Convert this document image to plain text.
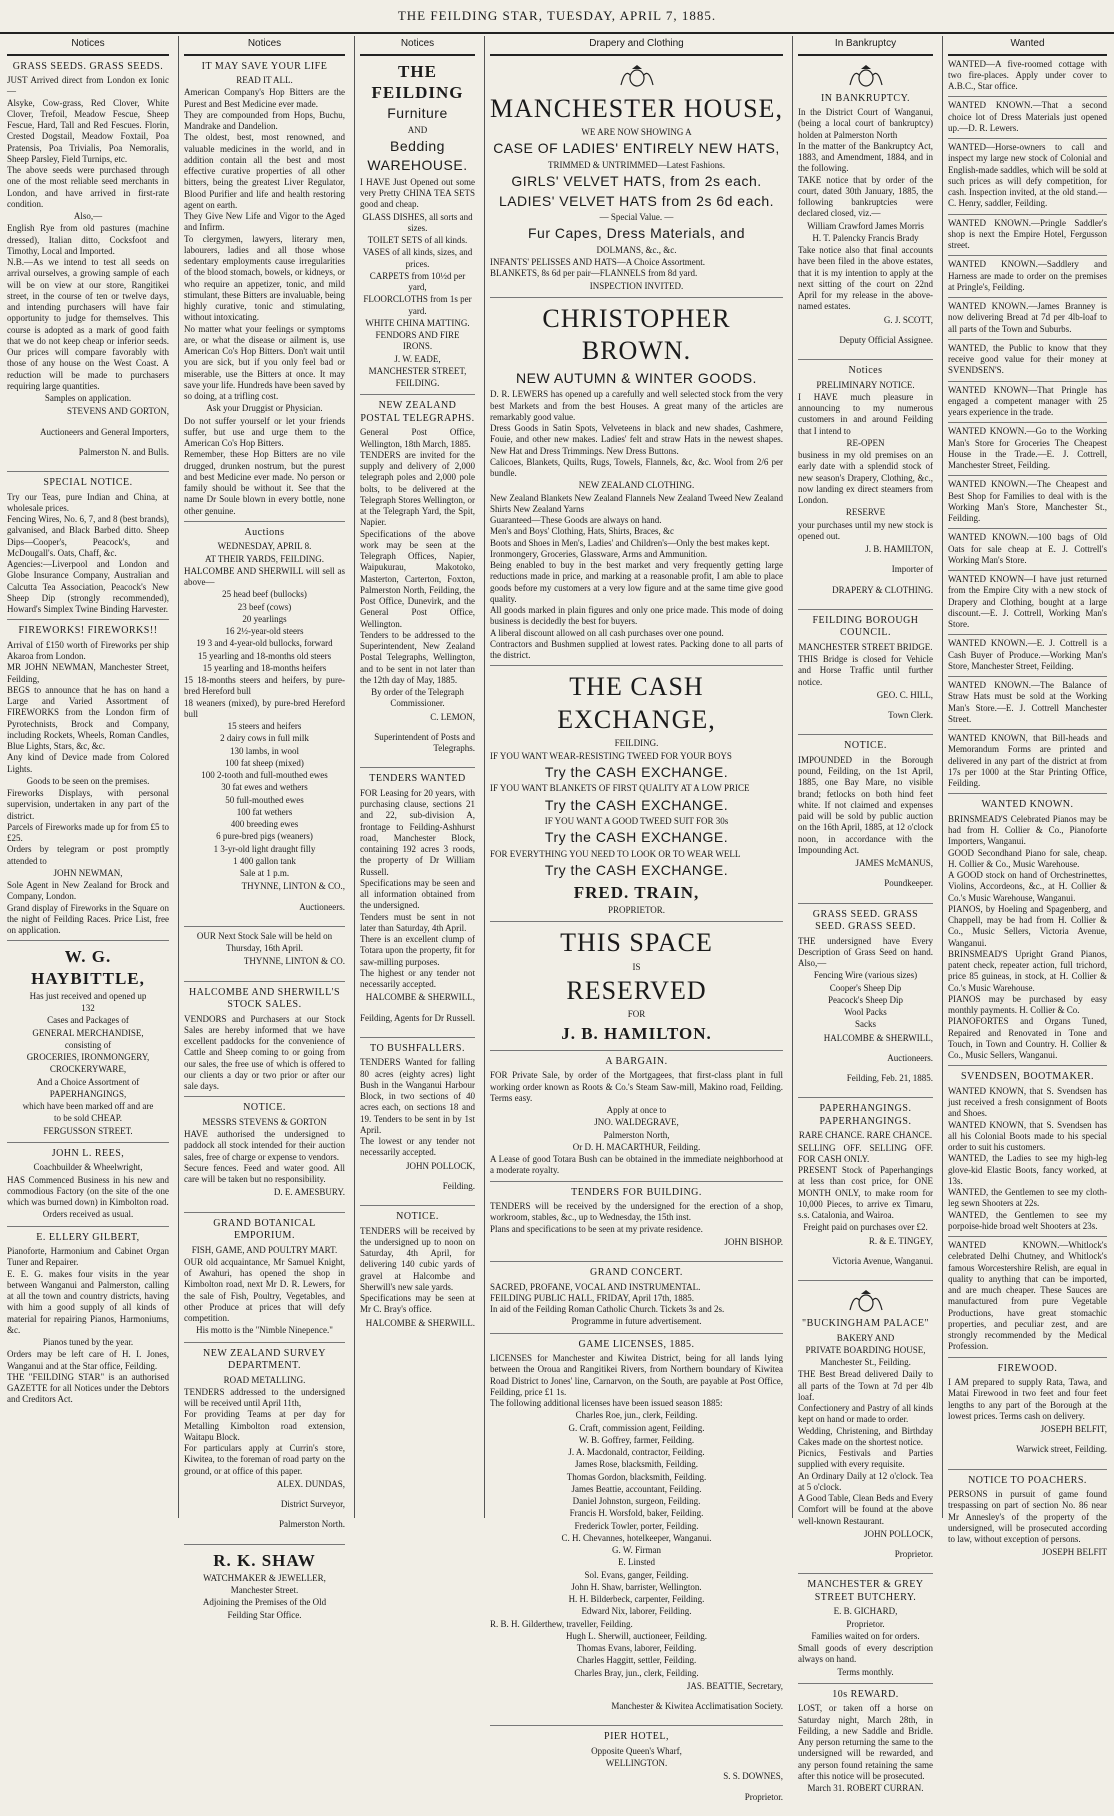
THE FEILDING STAR, TUESDAY, APRIL 7, 1885.
Notices
GRASS SEEDS. GRASS SEEDS.

JUST Arrived direct from London ex Ionic—

Alsyke, Cow-grass, Red Clover, White Clover, Trefoil, Meadow Fescue, Sheep Fescue, Hard, Tall and Red Fescues. Florin, Crested Dogstail, Meadow Foxtail, Poa Pratensis, Poa Trivialis, Poa Nemoralis, Sheep Parsley, Field Turnips, etc.

The above seeds were purchased through one of the most reliable seed merchants in London, and have arrived in first-rate condition.

Also,—

English Rye from old pastures (machine dressed), Italian ditto, Cocksfoot and Timothy, Local and Imported.

N.B.—As we intend to test all seeds on arrival ourselves, a growing sample of each will be on view at our store, Rangitikei street, in the course of ten or twelve days, and intending purchasers will have fair opportunity to judge for themselves. This course is adopted as a mark of good faith that we do not keep cheap or inferior seeds. Our prices will compare favorably with those of any house on the West Coast. A reduction will be made to purchasers requiring large quantities.

Samples on application.

STEVENS AND GORTON,

Auctioneers and General Importers,

Palmerston N. and Bulls.

SPECIAL NOTICE.

Try our Teas, pure Indian and China, at wholesale prices.

Fencing Wires, No. 6, 7, and 8 (best brands), galvanised, and Black Barbed ditto. Sheep Dips—Cooper's, Peacock's, and McDougall's. Oats, Chaff, &c.

Agencies:—Liverpool and London and Globe Insurance Company, Australian and Calcutta Tea Association, Peacock's New Sheep Dip (strongly recommended), Howard's Simplex Twine Binding Harvester.

FIREWORKS! FIREWORKS!!

Arrival of £150 worth of Fireworks per ship Akaroa from London.

MR JOHN NEWMAN, Manchester Street, Feilding,

BEGS to announce that he has on hand a Large and Varied Assortment of FIREWORKS from the London firm of Pyrotechnists, Brock and Company, including Rockets, Wheels, Roman Candles, Blue Lights, Stars, &c, &c.

Any kind of Device made from Colored Lights.

Goods to be seen on the premises.

Fireworks Displays, with personal supervision, undertaken in any part of the district.

Parcels of Fireworks made up for from £5 to £25.

Orders by telegram or post promptly attended to

JOHN NEWMAN,

Sole Agent in New Zealand for Brock and Company, London.

Grand display of Fireworks in the Square on the night of Feilding Races. Price List, free on application.

W. G. HAYBITTLE,

Has just received and opened up

132

Cases and Packages of

GENERAL MERCHANDISE,

consisting of

GROCERIES, IRONMONGERY,

CROCKERYWARE,

And a Choice Assortment of

PAPERHANGINGS,

which have been marked off and are

to be sold CHEAP.

FERGUSSON STREET.

JOHN L. REES,

Coachbuilder & Wheelwright,

HAS Commenced Business in his new and commodious Factory (on the site of the one which was burned down) in Kimbolton road.

Orders received as usual.

E. ELLERY GILBERT,

Pianoforte, Harmonium and Cabinet Organ Tuner and Repairer.

E. E. G. makes four visits in the year between Wanganui and Palmerston, calling at all the town and country districts, having with him a good supply of all kinds of material for repairing Pianos, Harmoniums, &c.

Pianos tuned by the year.

Orders may be left care of H. I. Jones, Wanganui and at the Star office, Feilding.

THE "FEILDING STAR" is an authorised GAZETTE for all Notices under the Debtors and Creditors Act.

Notices
IT MAY SAVE YOUR LIFE

READ IT ALL.

American Company's Hop Bitters are the Purest and Best Medicine ever made.

They are compounded from Hops, Buchu, Mandrake and Dandelion.

The oldest, best, most renowned, and valuable medicines in the world, and in addition contain all the best and most effective curative properties of all other bitters, being the greatest Liver Regulator, Blood Purifier and life and health restoring agent on earth.

They Give New Life and Vigor to the Aged and Infirm.

To clergymen, lawyers, literary men, labourers, ladies and all those whose sedentary employments cause irregularities of the blood stomach, bowels, or kidneys, or who require an appetizer, tonic, and mild stimulant, these Bitters are invaluable, being highly curative, tonic and stimulating, without intoxicating.

No matter what your feelings or symptoms are, or what the disease or ailment is, use American Co's Hop Bitters. Don't wait until you are sick, but if you only feel bad or miserable, use the Bitters at once. It may save your life. Hundreds have been saved by so doing, at a trifling cost.

Ask your Druggist or Physician.

Do not suffer yourself or let your friends suffer, but use and urge them to the American Co's Hop Bitters.

Remember, these Hop Bitters are no vile drugged, drunken nostrum, but the purest and best Medicine ever made. No person or family should be without it. See that the name Dr Soule blown in every bottle, none other genuine.

Auctions

WEDNESDAY, APRIL 8.

AT THEIR YARDS, FEILDING.

HALCOMBE AND SHERWILL will sell as above—

25 head beef (bullocks)

23 beef (cows)

20 yearlings

16 2½-year-old steers

19 3 and 4-year-old bullocks, forward

15 yearling and 18-months old steers

15 yearling and 18-months heifers

15 18-months steers and heifers, by pure-bred Hereford bull

18 weaners (mixed), by pure-bred Hereford bull

15 steers and heifers

2 dairy cows in full milk

130 lambs, in wool

100 fat sheep (mixed)

100 2-tooth and full-mouthed ewes

30 fat ewes and wethers

50 full-mouthed ewes

100 fat wethers

400 breeding ewes

6 pure-bred pigs (weaners)

1 3-yr-old light draught filly

1 400 gallon tank

Sale at 1 p.m.

THYNNE, LINTON & CO.,

Auctioneers.

OUR Next Stock Sale will be held on

Thursday, 16th April.

THYNNE, LINTON & CO.

HALCOMBE AND SHERWILL'S STOCK SALES.

VENDORS and Purchasers at our Stock Sales are hereby informed that we have excellent paddocks for the convenience of Cattle and Sheep coming to or going from our sales, the free use of which is offered to our clients a day or two prior or after our sale days.

NOTICE.

MESSRS STEVENS & GORTON

HAVE authorised the undersigned to paddock all stock intended for their auction sales, free of charge or expense to vendors.

Secure fences. Feed and water good. All care will be taken but no responsibility.

D. E. AMESBURY.

GRAND BOTANICAL EMPORIUM.

FISH, GAME, AND POULTRY MART.

OUR old acquaintance, Mr Samuel Knight, of Awahuri, has opened the shop in Kimbolton road, next Mr D. R. Lewers, for the sale of Fish, Poultry, Vegetables, and other Produce at prices that will defy competition.

His motto is the "Nimble Ninepence."

NEW ZEALAND SURVEY DEPARTMENT.

ROAD METALLING.

TENDERS addressed to the undersigned will be received until April 11th,

For providing Teams at per day for Metalling Kimbolton road extension, Waitapu Block.

For particulars apply at Currin's store, Kiwitea, to the foreman of road party on the ground, or at office of this paper.

ALEX. DUNDAS,

District Surveyor,

Palmerston North.

R. K. SHAW

WATCHMAKER & JEWELLER,

Manchester Street.

Adjoining the Premises of the Old

Feilding Star Office.

Notices
THE FEILDING

Furniture

AND

Bedding

WAREHOUSE.

I HAVE Just Opened out some very Pretty CHINA TEA SETS good and cheap.

GLASS DISHES, all sorts and sizes.

TOILET SETS of all kinds.

VASES of all kinds, sizes, and prices.

CARPETS from 10½d per yard,

FLOORCLOTHS from 1s per yard.

WHITE CHINA MATTING.

FENDORS AND FIRE IRONS.

J. W. EADE,

MANCHESTER STREET,

FEILDING.

NEW ZEALAND POSTAL TELEGRAPHS.

General Post Office, Wellington, 18th March, 1885.

TENDERS are invited for the supply and delivery of 2,000 telegraph poles and 2,000 pole bolts, to be delivered at the Telegraph Stores Wellington, or at the Telegraph Yard, the Spit, Napier.

Specifications of the above work may be seen at the Telegraph Offices, Napier, Waipukurau, Makotoko, Masterton, Carterton, Foxton, Palmerston North, Feilding, the Post Office, Dunevirk, and the General Post Office, Wellington.

Tenders to be addressed to the Superintendent, New Zealand Postal Telegraphs, Wellington, and to be sent in not later than the 12th day of May, 1885.

By order of the Telegraph Commissioner.

C. LEMON,

Superintendent of Posts and Telegraphs.

TENDERS WANTED

FOR Leasing for 20 years, with purchasing clause, sections 21 and 22, sub-division A, frontage to Feilding-Ashhurst road, Manchester Block, containing 192 acres 3 roods, the property of Dr William Russell.

Specifications may be seen and all information obtained from the undersigned.

Tenders must be sent in not later than Saturday, 4th April.

There is an excellent clump of Totara upon the property, fit for saw-milling purposes.

The highest or any tender not necessarily accepted.

HALCOMBE & SHERWILL,

Feilding, Agents for Dr Russell.

TO BUSHFALLERS.

TENDERS Wanted for falling 80 acres (eighty acres) light Bush in the Wanganui Harbour Block, in two sections of 40 acres each, on sections 18 and 19. Tenders to be sent in by 1st April.

The lowest or any tender not necessarily accepted.

JOHN POLLOCK,

Feilding.

NOTICE.

TENDERS will be received by the undersigned up to noon on Saturday, 4th April, for delivering 140 cubic yards of gravel at Halcombe and Sherwill's new sale yards.

Specifications may be seen at Mr C. Bray's office.

HALCOMBE & SHERWILL.

Drapery and Clothing
MANCHESTER HOUSE,

WE ARE NOW SHOWING A

CASE OF LADIES' ENTIRELY NEW HATS,

TRIMMED & UNTRIMMED—Latest Fashions.

GIRLS' VELVET HATS, from 2s each.

LADIES' VELVET HATS from 2s 6d each.

— Special Value. —

Fur Capes, Dress Materials, and

DOLMANS, &c., &c.

INFANTS' PELISSES AND HATS—A Choice Assortment.

BLANKETS, 8s 6d per pair—FLANNELS from 8d yard.

INSPECTION INVITED.

CHRISTOPHER BROWN.

NEW AUTUMN & WINTER GOODS.

D. R. LEWERS has opened up a carefully and well selected stock from the very best Markets and from the best Houses. A great many of the articles are remarkably good value.

Dress Goods in Satin Spots, Velveteens in black and new shades, Cashmere, Fouie, and other new makes. Ladies' felt and straw Hats in the newest shapes. New Hat and Dress Trimmings. New Dress Buttons.

Calicoes, Blankets, Quilts, Rugs, Towels, Flannels, &c, &c. Wool from 2/6 per bundle.

NEW ZEALAND CLOTHING.

New Zealand Blankets New Zealand Flannels New Zealand Tweed New Zealand Shirts New Zealand Yarns

Guaranteed—These Goods are always on hand.

Men's and Boys' Clothing, Hats, Shirts, Braces, &c

Boots and Shoes in Men's, Ladies' and Children's—Only the best makes kept.

Ironmongery, Groceries, Glassware, Arms and Ammunition.

Being enabled to buy in the best market and very frequently getting large reductions made in price, and marking at a reasonable profit, I am able to place goods before my customers at a very low figure and at the same time give good quality.

All goods marked in plain figures and only one price made. This mode of doing business is decidedly the best for buyers.

A liberal discount allowed on all cash purchases over one pound.

Contractors and Bushmen supplied at lowest rates. Packing done to all parts of the district.

THE CASH EXCHANGE,

FEILDING.

IF YOU WANT WEAR-RESISTING TWEED FOR YOUR BOYS

Try the CASH EXCHANGE.

IF YOU WANT BLANKETS OF FIRST QUALITY AT A LOW PRICE

Try the CASH EXCHANGE.

IF YOU WANT A GOOD TWEED SUIT FOR 30s

Try the CASH EXCHANGE.

FOR EVERYTHING YOU NEED TO LOOK OR TO WEAR WELL

Try the CASH EXCHANGE.

FRED. TRAIN,

PROPRIETOR.

THIS SPACE

IS

RESERVED

FOR

J. B. HAMILTON.

A BARGAIN.

FOR Private Sale, by order of the Mortgagees, that first-class plant in full working order known as Roots & Co.'s Steam Saw-mill, Makino road, Feilding. Terms easy.

Apply at once to

JNO. WALDEGRAVE,

Palmerston North,

Or D. H. MACARTHUR, Feilding.

A Lease of good Totara Bush can be obtained in the immediate neighborhood at a moderate royalty.

TENDERS FOR BUILDING.

TENDERS will be received by the undersigned for the erection of a shop, workroom, stables, &c., up to Wednesday, the 15th inst.

Plans and specifications to be seen at my private residence.

JOHN BISHOP.

GRAND CONCERT.

SACRED, PROFANE, VOCAL AND INSTRUMENTAL.

FEILDING PUBLIC HALL, FRIDAY, April 17th, 1885.

In aid of the Feilding Roman Catholic Church. Tickets 3s and 2s.

Programme in future advertisement.

GAME LICENSES, 1885.

LICENSES for Manchester and Kiwitea District, being for all lands lying between the Oroua and Rangitikei Rivers, from Northern boundary of Kiwitea Road District to Jones' line, Carnarvon, on the South, are payable at Post Office, Feilding, price £1 1s.

The following additional licenses have been issued season 1885:

Charles Roe, jun., clerk, Feilding.

G. Craft, commission agent, Feilding.

W. B. Goffrey, farmer, Feilding.

J. A. Macdonald, contractor, Feilding.

James Rose, blacksmith, Feilding.

Thomas Gordon, blacksmith, Feilding.

James Beattie, accountant, Feilding.

Daniel Johnston, surgeon, Feilding.

Francis H. Worsfold, baker, Feilding.

Frederick Towler, porter, Feilding.

C. H. Chevannes, hotelkeeper, Wanganui.

G. W. Firman

E. Linsted

Sol. Evans, ganger, Feilding.

John H. Shaw, barrister, Wellington.

H. H. Bilderbeck, carpenter, Feilding.

Edward Nix, laborer, Feilding.

R. B. H. Gilderthew, traveller, Feilding.

Hugh L. Sherwill, auctioneer, Feilding.

Thomas Evans, laborer, Feilding.

Charles Haggitt, settler, Feilding.

Charles Bray, jun., clerk, Feilding.

JAS. BEATTIE, Secretary,

Manchester & Kiwitea Acclimatisation Society.

PIER HOTEL,

Opposite Queen's Wharf,

WELLINGTON.

S. S. DOWNES,

Proprietor.

In Bankruptcy
IN BANKRUPTCY.

In the District Court of Wanganui, (being a local court of bankruptcy) holden at Palmerston North

In the matter of the Bankruptcy Act, 1883, and Amendment, 1884, and in the following.

TAKE notice that by order of the court, dated 30th January, 1885, the following bankruptcies were declared closed, viz.—

William Crawford James Morris

H. T. Palencky Francis Brady

Take notice also that final accounts have been filed in the above estates, that it is my intention to apply at the next sitting of the court on 22nd April for my release in the above-named estates.

G. J. SCOTT,

Deputy Official Assignee.

Notices

PRELIMINARY NOTICE.

I HAVE much pleasure in announcing to my numerous customers in and around Feilding that I intend to

RE-OPEN

business in my old premises on an early date with a splendid stock of new season's Drapery, Clothing, &c., now landing ex direct steamers from London.

RESERVE

your purchases until my new stock is opened out.

J. B. HAMILTON,

Importer of

DRAPERY & CLOTHING.

FEILDING BOROUGH COUNCIL.

MANCHESTER STREET BRIDGE.

THIS Bridge is closed for Vehicle and Horse Traffic until further notice.

GEO. C. HILL,

Town Clerk.

NOTICE.

IMPOUNDED in the Borough pound, Feilding, on the 1st April, 1885, one Bay Mare, no visible brand; fetlocks on both hind feet white. If not claimed and expenses paid will be sold by public auction on the 16th April, 1885, at 12 o'clock noon, in accordance with the Impounding Act.

JAMES McMANUS,

Poundkeeper.

GRASS SEED. GRASS SEED. GRASS SEED.

THE undersigned have Every Description of Grass Seed on hand. Also,—

Fencing Wire (various sizes)

Cooper's Sheep Dip

Peacock's Sheep Dip

Wool Packs

Sacks

HALCOMBE & SHERWILL,

Auctioneers.

Feilding, Feb. 21, 1885.

PAPERHANGINGS. PAPERHANGINGS.

RARE CHANCE. RARE CHANCE.

SELLING OFF. SELLING OFF. FOR CASH ONLY.

PRESENT Stock of Paperhangings at less than cost price, for ONE MONTH ONLY, to make room for 10,000 Pieces, to arrive ex Timaru, s.s. Catalonia, and Wairoa.

Freight paid on purchases over £2.

R. & E. TINGEY,

Victoria Avenue, Wanganui.

"BUCKINGHAM PALACE"

BAKERY AND

PRIVATE BOARDING HOUSE,

Manchester St., Feilding.

THE Best Bread delivered Daily to all parts of the Town at 7d per 4lb loaf.

Confectionery and Pastry of all kinds kept on hand or made to order.

Wedding, Christening, and Birthday Cakes made on the shortest notice.

Picnics, Festivals and Parties supplied with every requisite.

An Ordinary Daily at 12 o'clock. Tea at 5 o'clock.

A Good Table, Clean Beds and Every Comfort will be found at the above well-known Restaurant.

JOHN POLLOCK,

Proprietor.

MANCHESTER & GREY STREET BUTCHERY.

E. B. GICHARD,

Proprietor.

Families waited on for orders.

Small goods of every description always on hand.

Terms monthly.

10s REWARD.

LOST, or taken off a horse on Saturday night, March 28th, in Feilding, a new Saddle and Bridle. Any person returning the same to the undersigned will be rewarded, and any person found retaining the same after this notice will be prosecuted.

March 31. ROBERT CURRAN.

Wanted

WANTED—A five-roomed cottage with two fire-places. Apply under cover to A.B.C., Star office.

WANTED KNOWN.—That a second choice lot of Dress Materials just opened up.—D. R. Lewers.

WANTED—Horse-owners to call and inspect my large new stock of Colonial and English-made saddles, which will be sold at such prices as will defy competition, for cash. Inspection invited, at the old stand.—C. Henry, saddler, Feilding.

WANTED KNOWN.—Pringle Saddler's shop is next the Empire Hotel, Fergusson street.

WANTED KNOWN.—Saddlery and Harness are made to order on the premises at Pringle's, Feilding.

WANTED KNOWN.—James Branney is now delivering Bread at 7d per 4lb-loaf to all parts of the Town and Suburbs.

WANTED, the Public to know that they receive good value for their money at SVENDSEN'S.

WANTED KNOWN—That Pringle has engaged a competent manager with 25 years experience in the trade.

WANTED KNOWN.—Go to the Working Man's Store for Groceries The Cheapest House in the Trade.—E. J. Cottrell, Manchester Street, Feilding.

WANTED KNOWN.—The Cheapest and Best Shop for Families to deal with is the Working Man's Store, Manchester St., Feilding.

WANTED KNOWN.—100 bags of Old Oats for sale cheap at E. J. Cottrell's Working Man's Store.

WANTED KNOWN—I have just returned from the Empire City with a new stock of Drapery and Clothing, bought at a large discount.—E. J. Cottrell, Working Man's Store.

WANTED KNOWN.—E. J. Cottrell is a Cash Buyer of Produce.—Working Man's Store, Manchester Street, Feilding.

WANTED KNOWN.—The Balance of Straw Hats must be sold at the Working Man's Store.—E. J. Cottrell Manchester Street.

WANTED KNOWN, that Bill-heads and Memorandum Forms are printed and delivered in any part of the district at from 17s per 1000 at the Star Printing Office, Feilding.

WANTED KNOWN.

BRINSMEAD'S Celebrated Pianos may be had from H. Collier & Co., Pianoforte Importers, Wanganui.

GOOD Secondhand Piano for sale, cheap. H. Collier & Co., Music Warehouse.

A GOOD stock on hand of Orchestrinettes, Violins, Accordeons, &c., at H. Collier & Co.'s Music Warehouse, Wanganui.

PIANOS, by Hoeling and Spagenberg, and Chappell, may be had from H. Collier & Co., Music Sellers, Victoria Avenue, Wanganui.

BRINSMEAD'S Upright Grand Pianos, patent check, repeater action, full trichord, price 85 guineas, in stock, at H. Collier & Co.'s Music Warehouse.

PIANOS may be purchased by easy monthly payments. H. Collier & Co.

PIANOFORTES and Organs Tuned, Repaired and Renovated in Tone and Touch, in Town and Country. H. Collier & Co., Music Sellers, Wanganui.

SVENDSEN, BOOTMAKER.

WANTED KNOWN, that S. Svendsen has just received a fresh consignment of Boots and Shoes.

WANTED KNOWN, that S. Svendsen has all his Colonial Boots made to his special order to suit his customers.

WANTED, the Ladies to see my high-leg glove-kid Elastic Boots, fancy worked, at 13s.

WANTED, the Gentlemen to see my cloth-leg sewn Shooters at 22s.

WANTED, the Gentlemen to see my porpoise-hide broad welt Shooters at 23s.

WANTED KNOWN.—Whitlock's celebrated Delhi Chutney, and Whitlock's famous Worcestershire Relish, are equal in quality to anything that can be imported, and are much cheaper. These Sauces are manufactured from pure Vegetable Productions, have great stomachic properties, and peculiar zest, and are strongly recommended by the Medical Profession.

FIREWOOD.

I AM prepared to supply Rata, Tawa, and Matai Firewood in two feet and four feet lengths to any part of the Borough at the lowest prices. Terms cash on delivery.

JOSEPH BELFIT,

Warwick street, Feilding.

NOTICE TO POACHERS.

PERSONS in pursuit of game found trespassing on part of section No. 86 near Mr Annesley's of the property of the undersigned, will be prosecuted according to law, without exception of persons.

JOSEPH BELFIT
